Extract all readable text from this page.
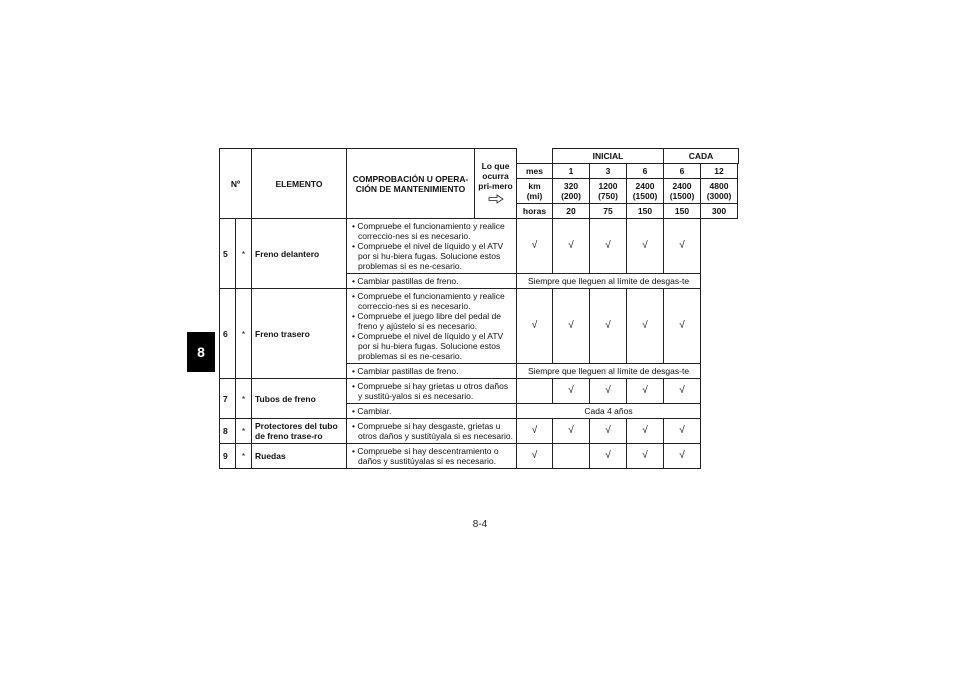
8
Nº		ELEMENTO	COMPROBACIÓN U OPERA-CIÓN DE MANTENIMIENTO	Lo que ocurra pri-mero		INICIAL			CADA	
					mes	1	3	6	6	12
					km (mi)	320 (200)	1200 (750)	2400 (1500)	2400 (1500)	4800 (3000)
					horas	20	75	150	150	300
5	*	Freno delantero	• Compruebe el funcionamiento y realice correccio-nes si es necesario.
• Compruebe el nivel de líquido y el ATV por si hu-biera fugas. Solucione estos problemas si es ne-cesario.		√	√	√	√	√

			• Cambiar pastillas de freno.		Siempre que lleguen al límite de desgas-te					
6	*	Freno trasero	• Compruebe el funcionamiento y realice correccio-nes si es necesario.
• Compruebe el juego libre del pedal de freno y ajústelo si es necesario.
• Compruebe el nivel de líquido y el ATV por si hu-biera fugas. Solucione estos problemas si es ne-cesario.		√	√	√	√	√	

			• Cambiar pastillas de freno.		Siempre que lleguen al límite de desgas-te					
7	*	Tubos de freno	• Compruebe si hay grietas u otros daños y sustitú-yalos si es necesario.			√	√	√	√	

			• Cambiar.		Cada 4 años					
8	*	Protectores del tubo de freno trase-ro	• Compruebe si hay desgaste, grietas u otros daños y sustitúyala si es necesario.		√	√	√	√	√	
9	*	Ruedas	• Compruebe si hay descentramiento o daños y sustitúyalas si es necesario.		√		√	√	√	
8-4
